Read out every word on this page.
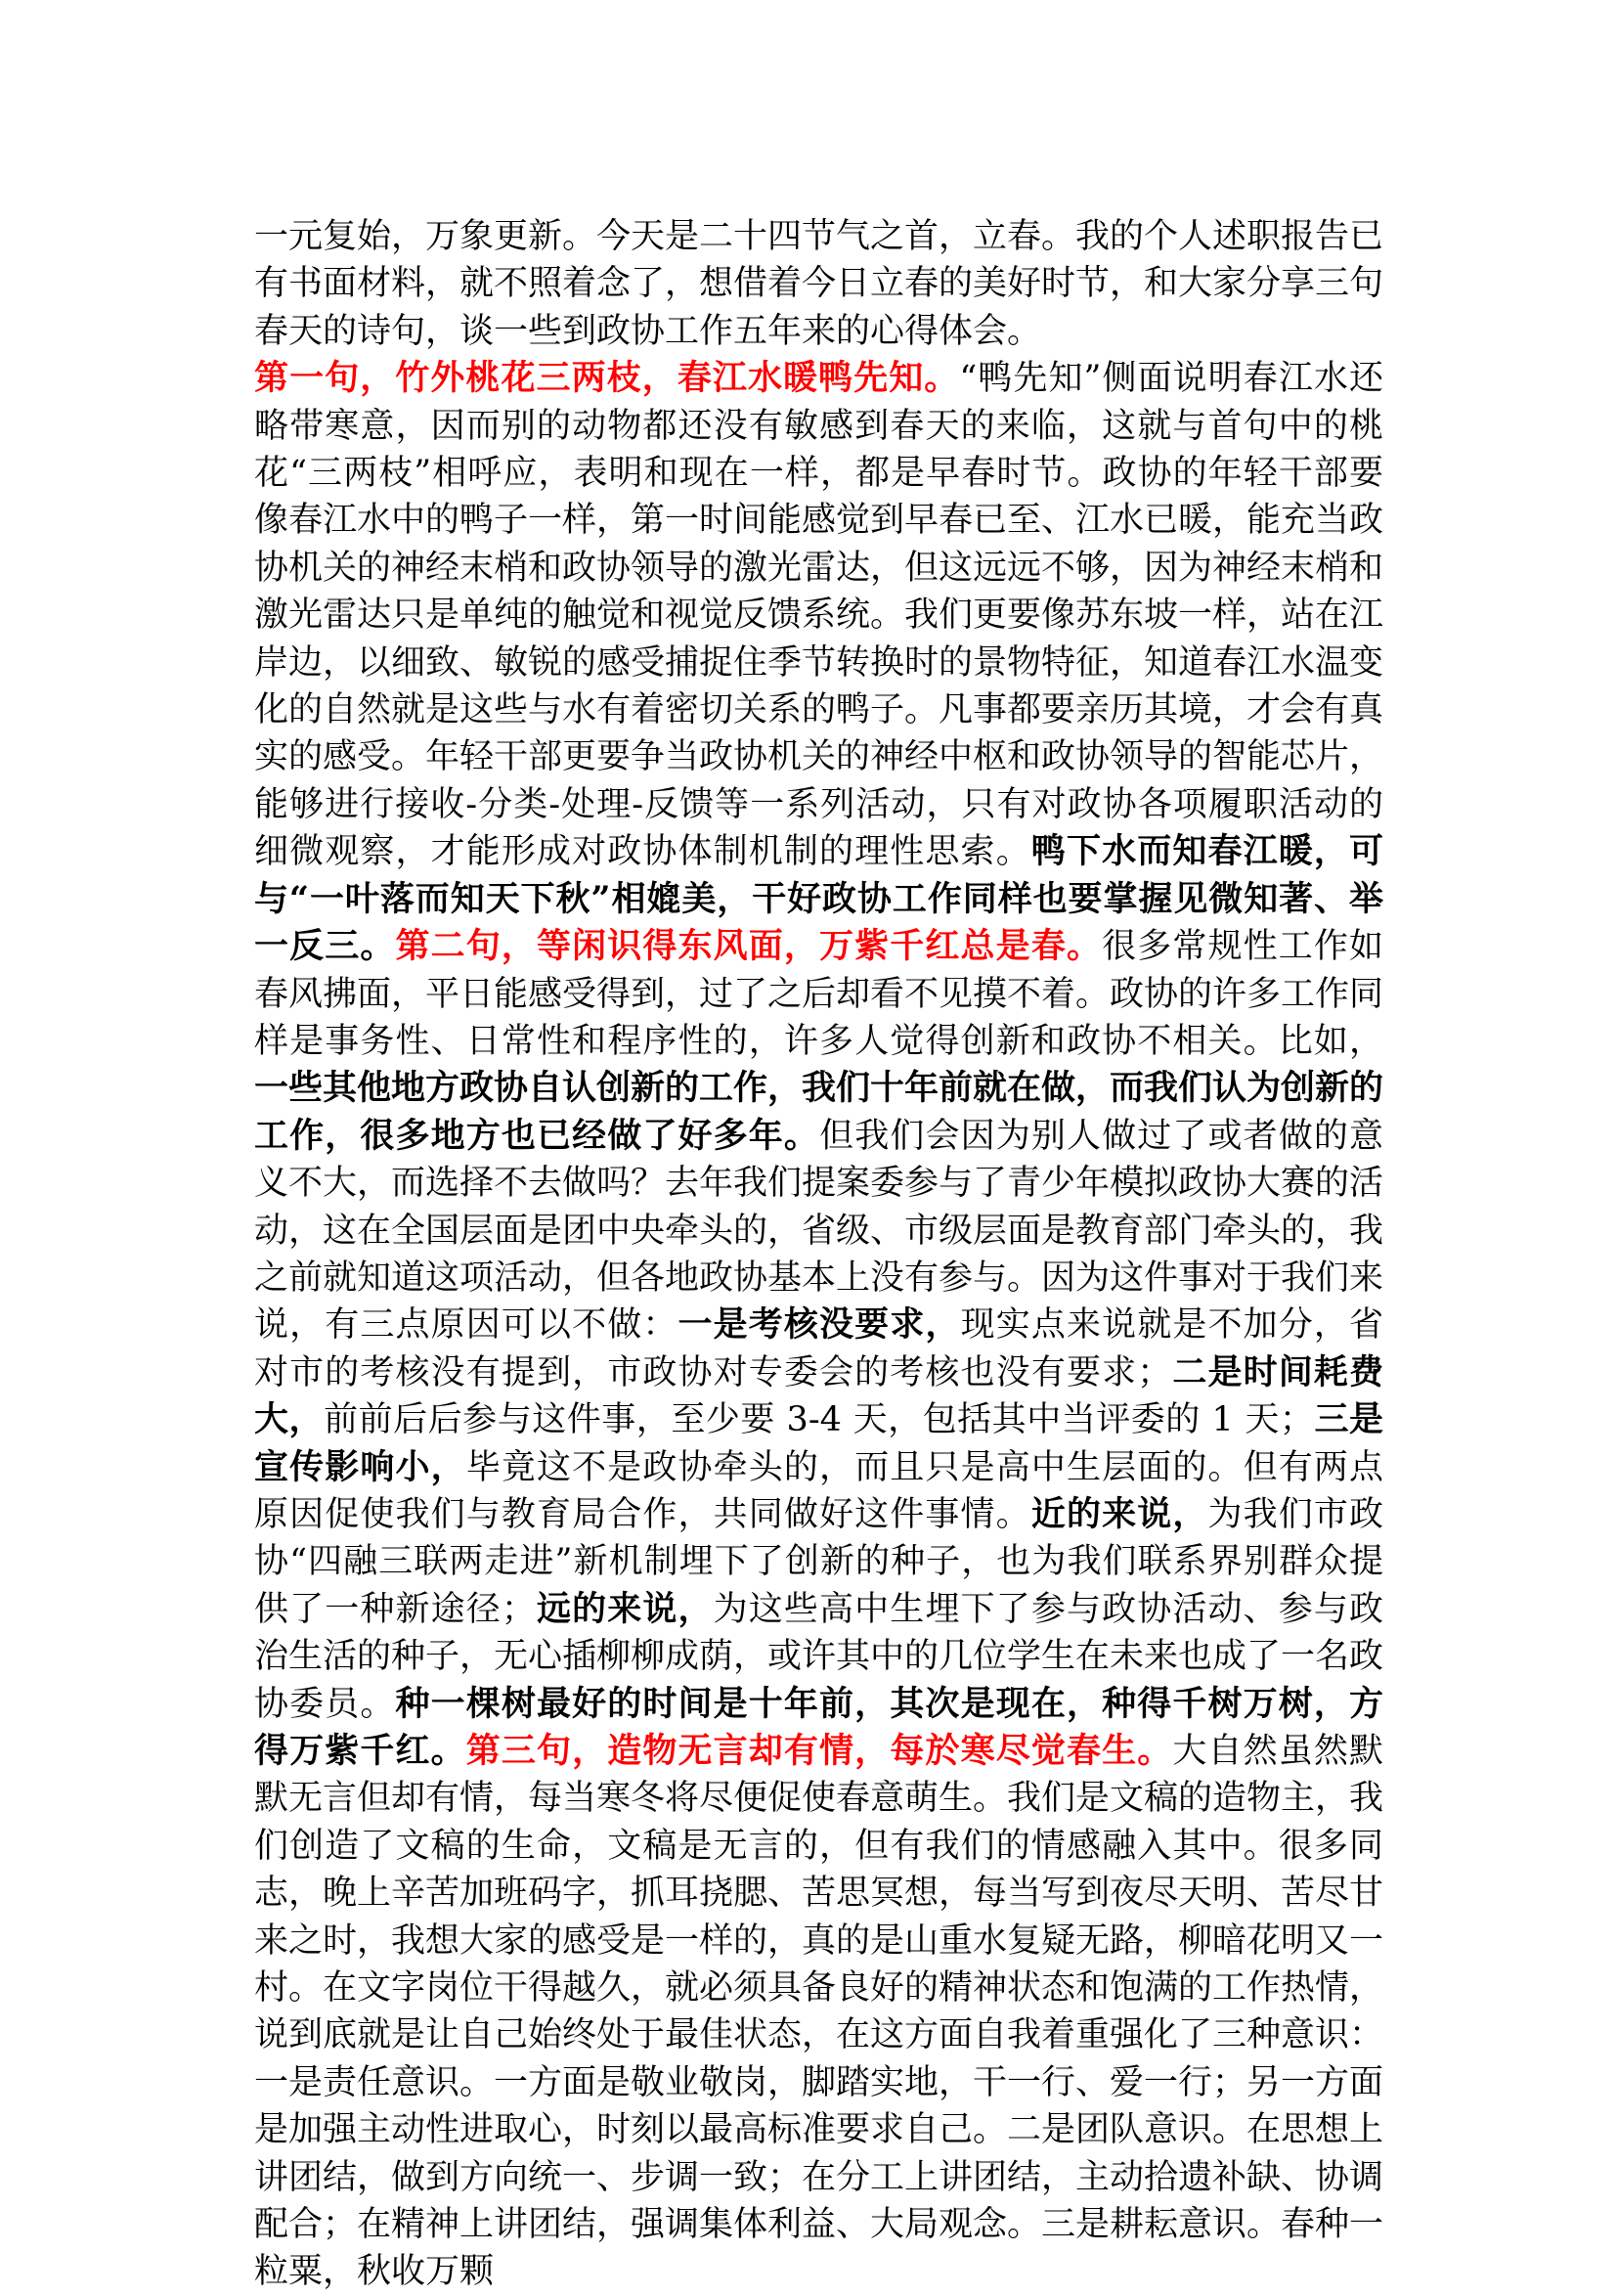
一元复始，万象更新。今天是二十四节气之首，立春。我的个人述职报告已有书面材料，就不照着念了，想借着今日立春的美好时节，和大家分享三句春天的诗句，谈一些到政协工作五年来的心得体会。

第一句，竹外桃花三两枝，春江水暖鸭先知。“鸭先知”侧面说明春江水还略带寒意，因而别的动物都还没有敏感到春天的来临，这就与首句中的桃花“三两枝”相呼应，表明和现在一样，都是早春时节。政协的年轻干部要像春江水中的鸭子一样，第一时间能感觉到早春已至、江水已暖，能充当政协机关的神经末梢和政协领导的激光雷达，但这远远不够，因为神经末梢和激光雷达只是单纯的触觉和视觉反馈系统。我们更要像苏东坡一样，站在江岸边，以细致、敏锐的感受捕捉住季节转换时的景物特征，知道春江水温变化的自然就是这些与水有着密切关系的鸭子。凡事都要亲历其境，才会有真实的感受。年轻干部更要争当政协机关的神经中枢和政协领导的智能芯片，能够进行接收-分类-处理-反馈等一系列活动，只有对政协各项履职活动的细微观察，才能形成对政协体制机制的理性思索。鸭下水而知春江暖，可与“一叶落而知天下秋”相媲美，干好政协工作同样也要掌握见微知著、举一反三。第二句，等闲识得东风面，万紫千红总是春。很多常规性工作如春风拂面，平日能感受得到，过了之后却看不见摸不着。政协的许多工作同样是事务性、日常性和程序性的，许多人觉得创新和政协不相关。比如，一些其他地方政协自认创新的工作，我们十年前就在做，而我们认为创新的工作，很多地方也已经做了好多年。但我们会因为别人做过了或者做的意义不大，而选择不去做吗？去年我们提案委参与了青少年模拟政协大赛的活动，这在全国层面是团中央牵头的，省级、市级层面是教育部门牵头的，我之前就知道这项活动，但各地政协基本上没有参与。因为这件事对于我们来说，有三点原因可以不做：一是考核没要求，现实点来说就是不加分，省对市的考核没有提到，市政协对专委会的考核也没有要求；二是时间耗费大，前前后后参与这件事，至少要 3-4 天，包括其中当评委的 1 天；三是宣传影响小，毕竟这不是政协牵头的，而且只是高中生层面的。但有两点原因促使我们与教育局合作，共同做好这件事情。近的来说，为我们市政协“四融三联两走进”新机制埋下了创新的种子，也为我们联系界别群众提供了一种新途径；远的来说，为这些高中生埋下了参与政协活动、参与政治生活的种子，无心插柳柳成荫，或许其中的几位学生在未来也成了一名政协委员。种一棵树最好的时间是十年前，其次是现在，种得千树万树，方得万紫千红。第三句，造物无言却有情，每於寒尽觉春生。大自然虽然默默无言但却有情，每当寒冬将尽便促使春意萌生。我们是文稿的造物主，我们创造了文稿的生命，文稿是无言的，但有我们的情感融入其中。很多同志，晚上辛苦加班码字，抓耳挠腮、苦思冥想，每当写到夜尽天明、苦尽甘来之时，我想大家的感受是一样的，真的是山重水复疑无路，柳暗花明又一村。在文字岗位干得越久，就必须具备良好的精神状态和饱满的工作热情，说到底就是让自己始终处于最佳状态，在这方面自我着重强化了三种意识：一是责任意识。一方面是敬业敬岗，脚踏实地，干一行、爱一行；另一方面是加强主动性进取心，时刻以最高标准要求自己。二是团队意识。在思想上讲团结，做到方向统一、步调一致；在分工上讲团结，主动拾遗补缺、协调配合；在精神上讲团结，强调集体利益、大局观念。三是耕耘意识。春种一粒粟，秋收万颗
